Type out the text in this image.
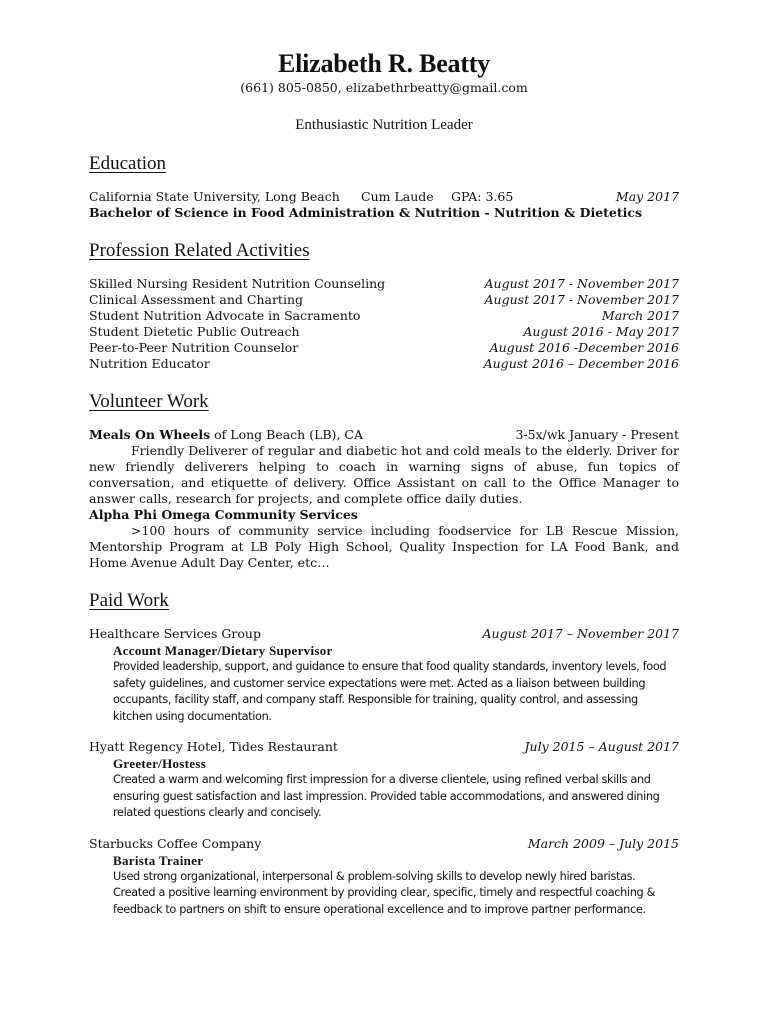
Elizabeth R. Beatty

(661) 805-0850, elizabethrbeatty@gmail.com

Enthusiastic Nutrition Leader

Education
California State University, Long Beach	Cum Laude	GPA: 3.65	May 2017
Bachelor of Science in Food Administration & Nutrition - Nutrition & Dietetics
Profession Related Activities
Skilled Nursing Resident Nutrition Counseling	August 2017 - November 2017
Clinical Assessment and Charting	August 2017 - November 2017
Student Nutrition Advocate in Sacramento	March 2017
Student Dietetic Public Outreach	August 2016 - May 2017
Peer-to-Peer Nutrition Counselor	August 2016 -December 2016
Nutrition Educator	August 2016 – December 2016
Volunteer Work
Meals On Wheels of Long Beach (LB), CA	3-5x/wk January - Present

Friendly Deliverer of regular and diabetic hot and cold meals to the elderly. Driver for new friendly deliverers helping to coach in warning signs of abuse, fun topics of conversation, and etiquette of delivery. Office Assistant on call to the Office Manager to answer calls, research for projects, and complete office daily duties.

Alpha Phi Omega Community Services

>100 hours of community service including foodservice for LB Rescue Mission, Mentorship Program at LB Poly High School, Quality Inspection for LA Food Bank, and Home Avenue Adult Day Center, etc…

Paid Work
Healthcare Services Group	August 2017 – November 2017
Account Manager/Dietary Supervisor
Provided leadership, support, and guidance to ensure that food quality standards, inventory levels, food safety guidelines, and customer service expectations were met. Acted as a liaison between building occupants, facility staff, and company staff. Responsible for training, quality control, and assessing kitchen using documentation.
Hyatt Regency Hotel, Tides Restaurant	July 2015 – August 2017
Greeter/Hostess
Created a warm and welcoming first impression for a diverse clientele, using refined verbal skills and ensuring guest satisfaction and last impression. Provided table accommodations, and answered dining related questions clearly and concisely.
Starbucks Coffee Company	March 2009 – July 2015
Barista Trainer
Used strong organizational, interpersonal & problem-solving skills to develop newly hired baristas. Created a positive learning environment by providing clear, specific, timely and respectful coaching & feedback to partners on shift to ensure operational excellence and to improve partner performance.
